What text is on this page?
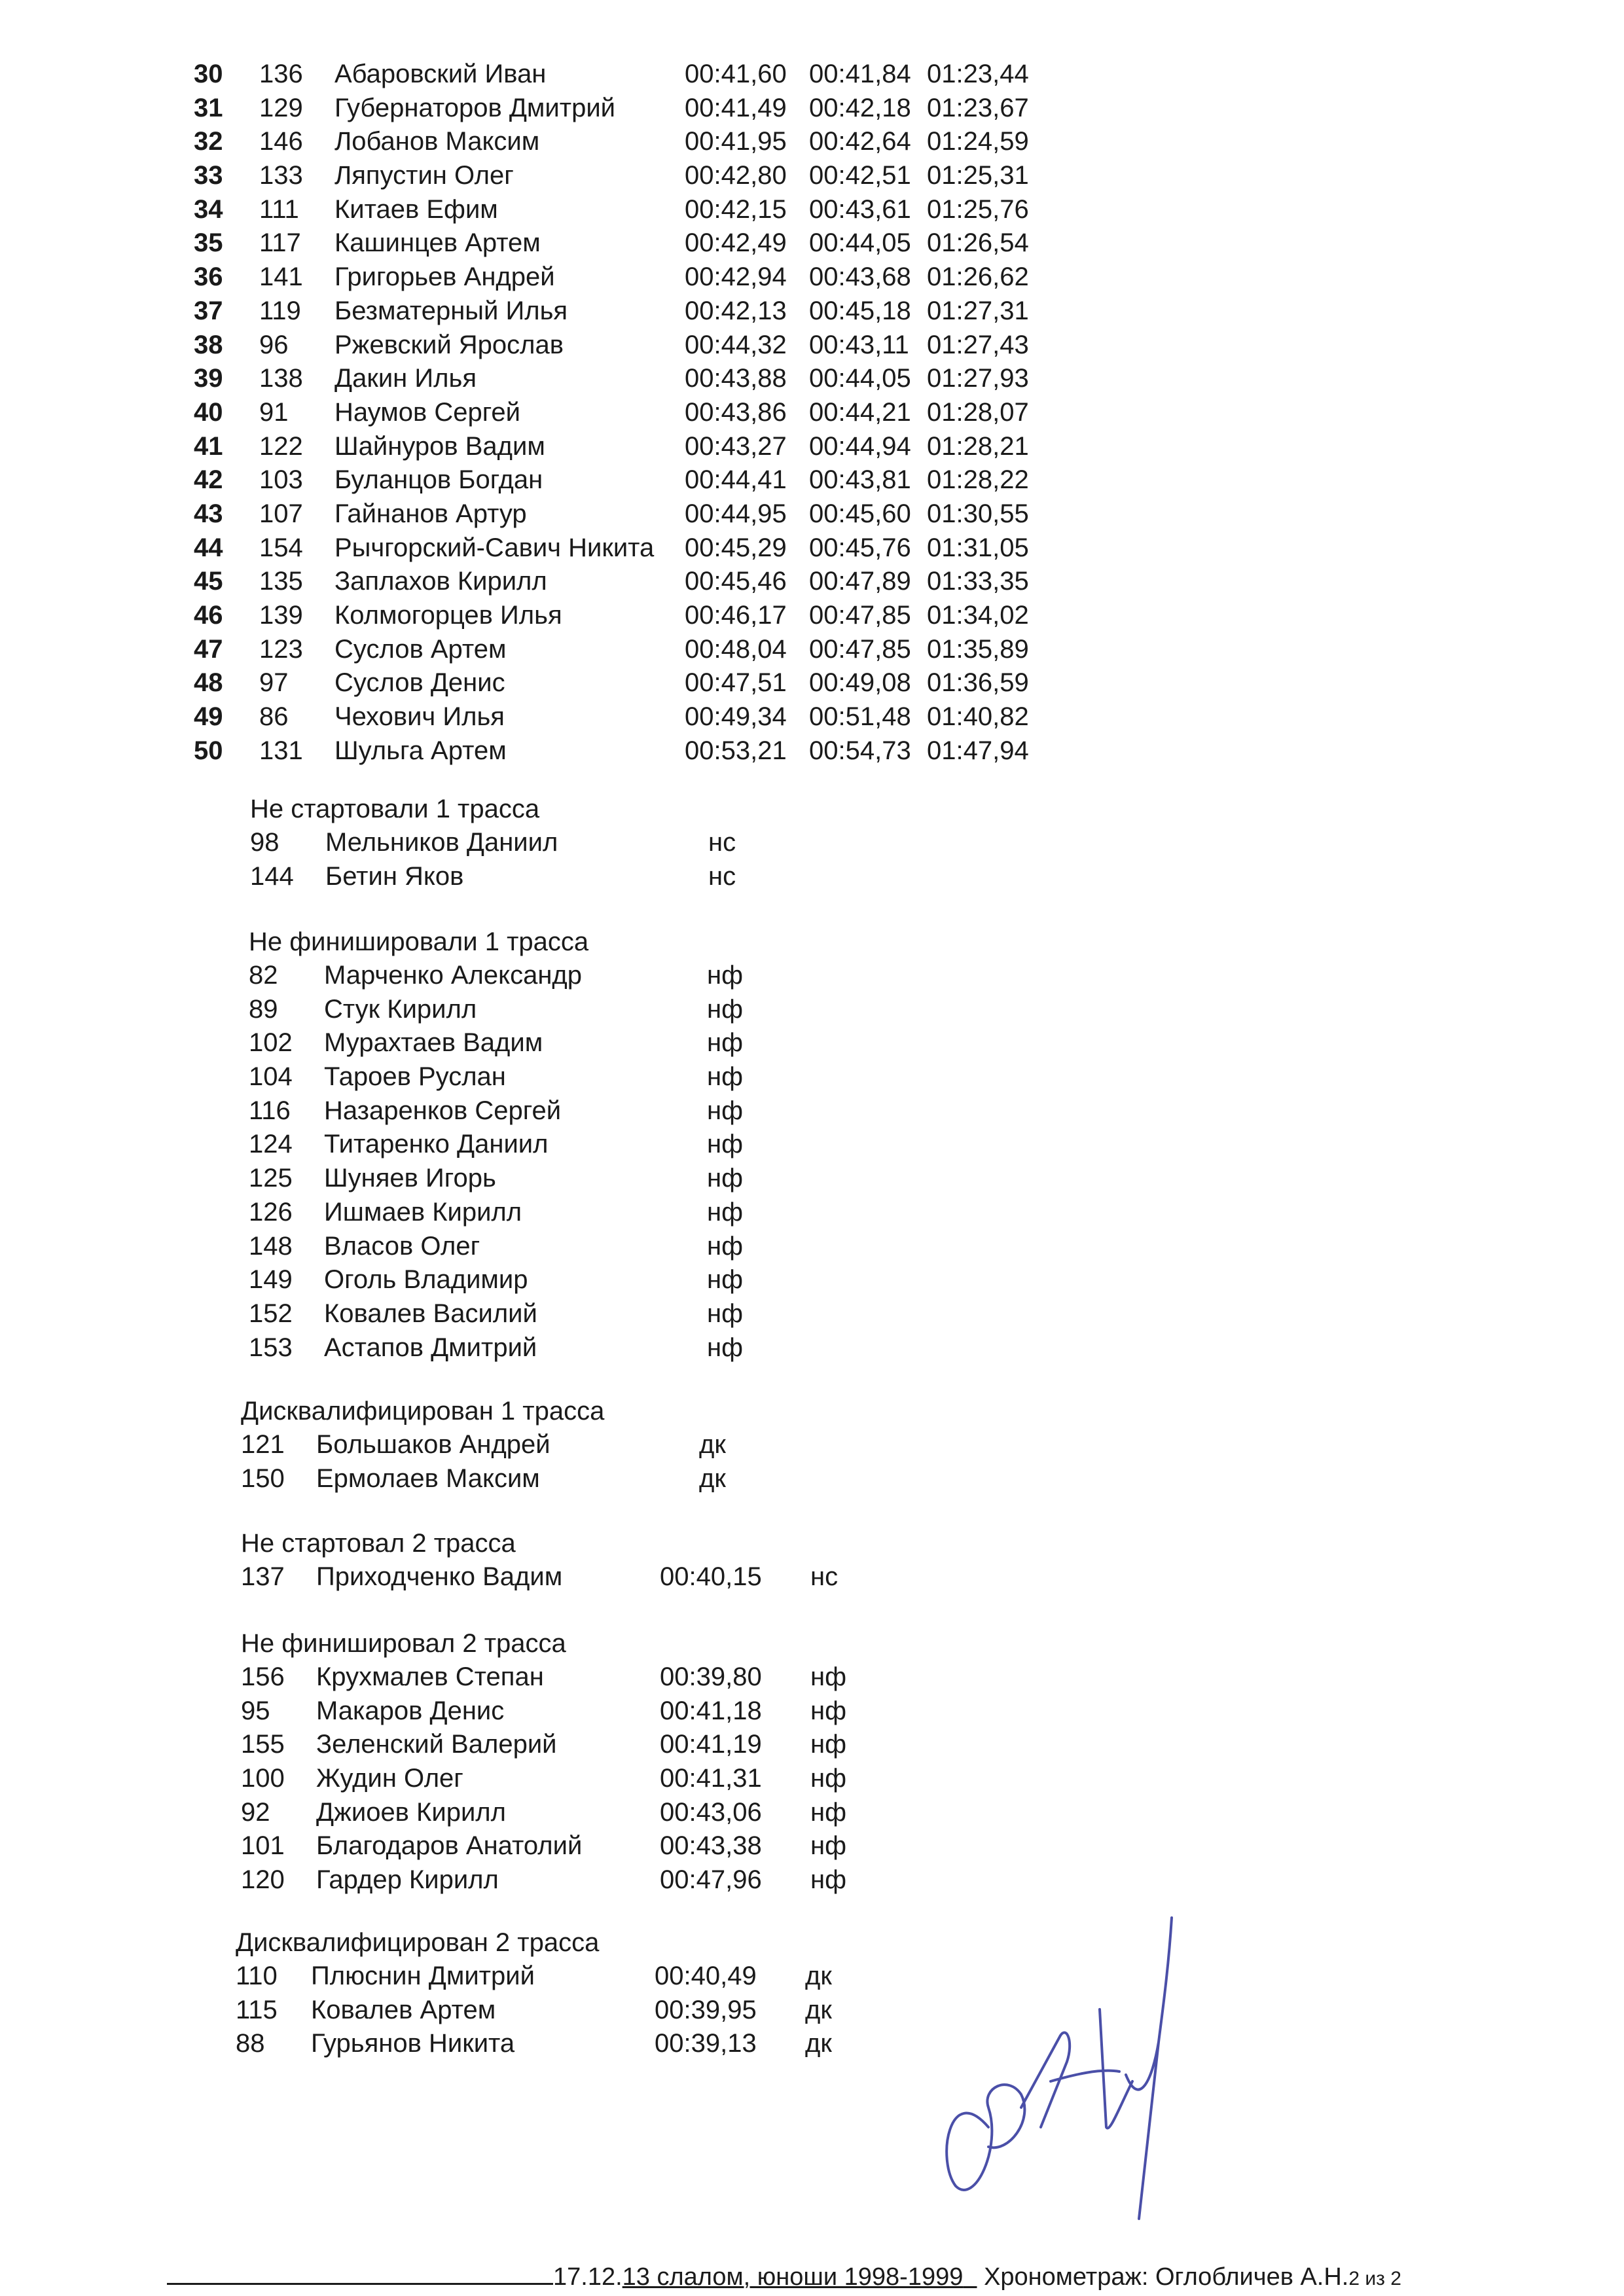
30	136 Абаровский Иван	00:41,60 00:41,84 01:23,44
31	129 Губернаторов Дмитрий	00:41,49 00:42,18 01:23,67
32	146 Лобанов Максим	00:41,95 00:42,64 01:24,59
33	133 Ляпустин Олег	00:42,80 00:42,51 01:25,31
34	111 Китаев Ефим	00:42,15 00:43,61 01:25,76
35	117 Кашинцев Артем	00:42,49 00:44,05 01:26,54
36	141 Григорьев Андрей	00:42,94 00:43,68 01:26,62
37	119 Безматерный Илья	00:42,13 00:45,18 01:27,31
38	96 Ржевский Ярослав	00:44,32 00:43,11 01:27,43
39	138 Дакин Илья	00:43,88 00:44,05 01:27,93
40	91 Наумов Сергей	00:43,86 00:44,21 01:28,07
41	122 Шайнуров Вадим	00:43,27 00:44,94 01:28,21
42	103 Буланцов Богдан	00:44,41 00:43,81 01:28,22
43	107 Гайнанов Артур	00:44,95 00:45,60 01:30,55
44	154 Рычгорский-Савич Никита 00:45,29 00:45,76 01:31,05
45	135 Заплахов Кирилл	00:45,46 00:47,89 01:33,35
46	139 Колмогорцев Илья	00:46,17 00:47,85 01:34,02
47	123 Суслов Артем	00:48,04 00:47,85 01:35,89
48	97 Суслов Денис	00:47,51 00:49,08 01:36,59
49	86 Чехович Илья	00:49,34 00:51,48 01:40,82
50	131 Шульга Артем	00:53,21 00:54,73 01:47,94
Не стартовали 1 трасса
98 Мельников Даниил	нс
144 Бетин Яков	нс
Не финишировали 1 трасса
82 Марченко Александр	нф
89 Стук Кирилл	нф
102 Мурахтаев Вадим	нф
104 Тароев Руслан	нф
116 Назаренков Сергей	нф
124 Титаренко Даниил	нф
125 Шуняев Игорь	нф
126 Ишмаев Кирилл	нф
148 Власов Олег	нф
149 Оголь Владимир	нф
152 Ковалев Василий	нф
153 Астапов Дмитрий	нф
Дисквалифицирован 1 трасса
121 Большаков Андрей	дк
150 Ермолаев Максим	дк
Не стартовал 2 трасса
137 Приходченко Вадим	00:40,15 нс
Не финишировал 2 трасса
156 Крухмалев Степан	00:39,80 нф
95 Макаров Денис	00:41,18 нф
155 Зеленский Валерий	00:41,19 нф
100 Жудин Олег	00:41,31 нф
92 Джиоев Кирилл	00:43,06 нф
101 Благодаров Анатолий	00:43,38 нф
120 Гардер Кирилл	00:47,96 нф
Дисквалифицирован 2 трасса
110 Плюснин Дмитрий	00:40,49 дк
115 Ковалев Артем	00:39,95 дк
88 Гурьянов Никита	00:39,13 дк
17.12.13 слалом, юноши 1998-1999 Хронометраж: Оглобличев А.Н.2 из 2
